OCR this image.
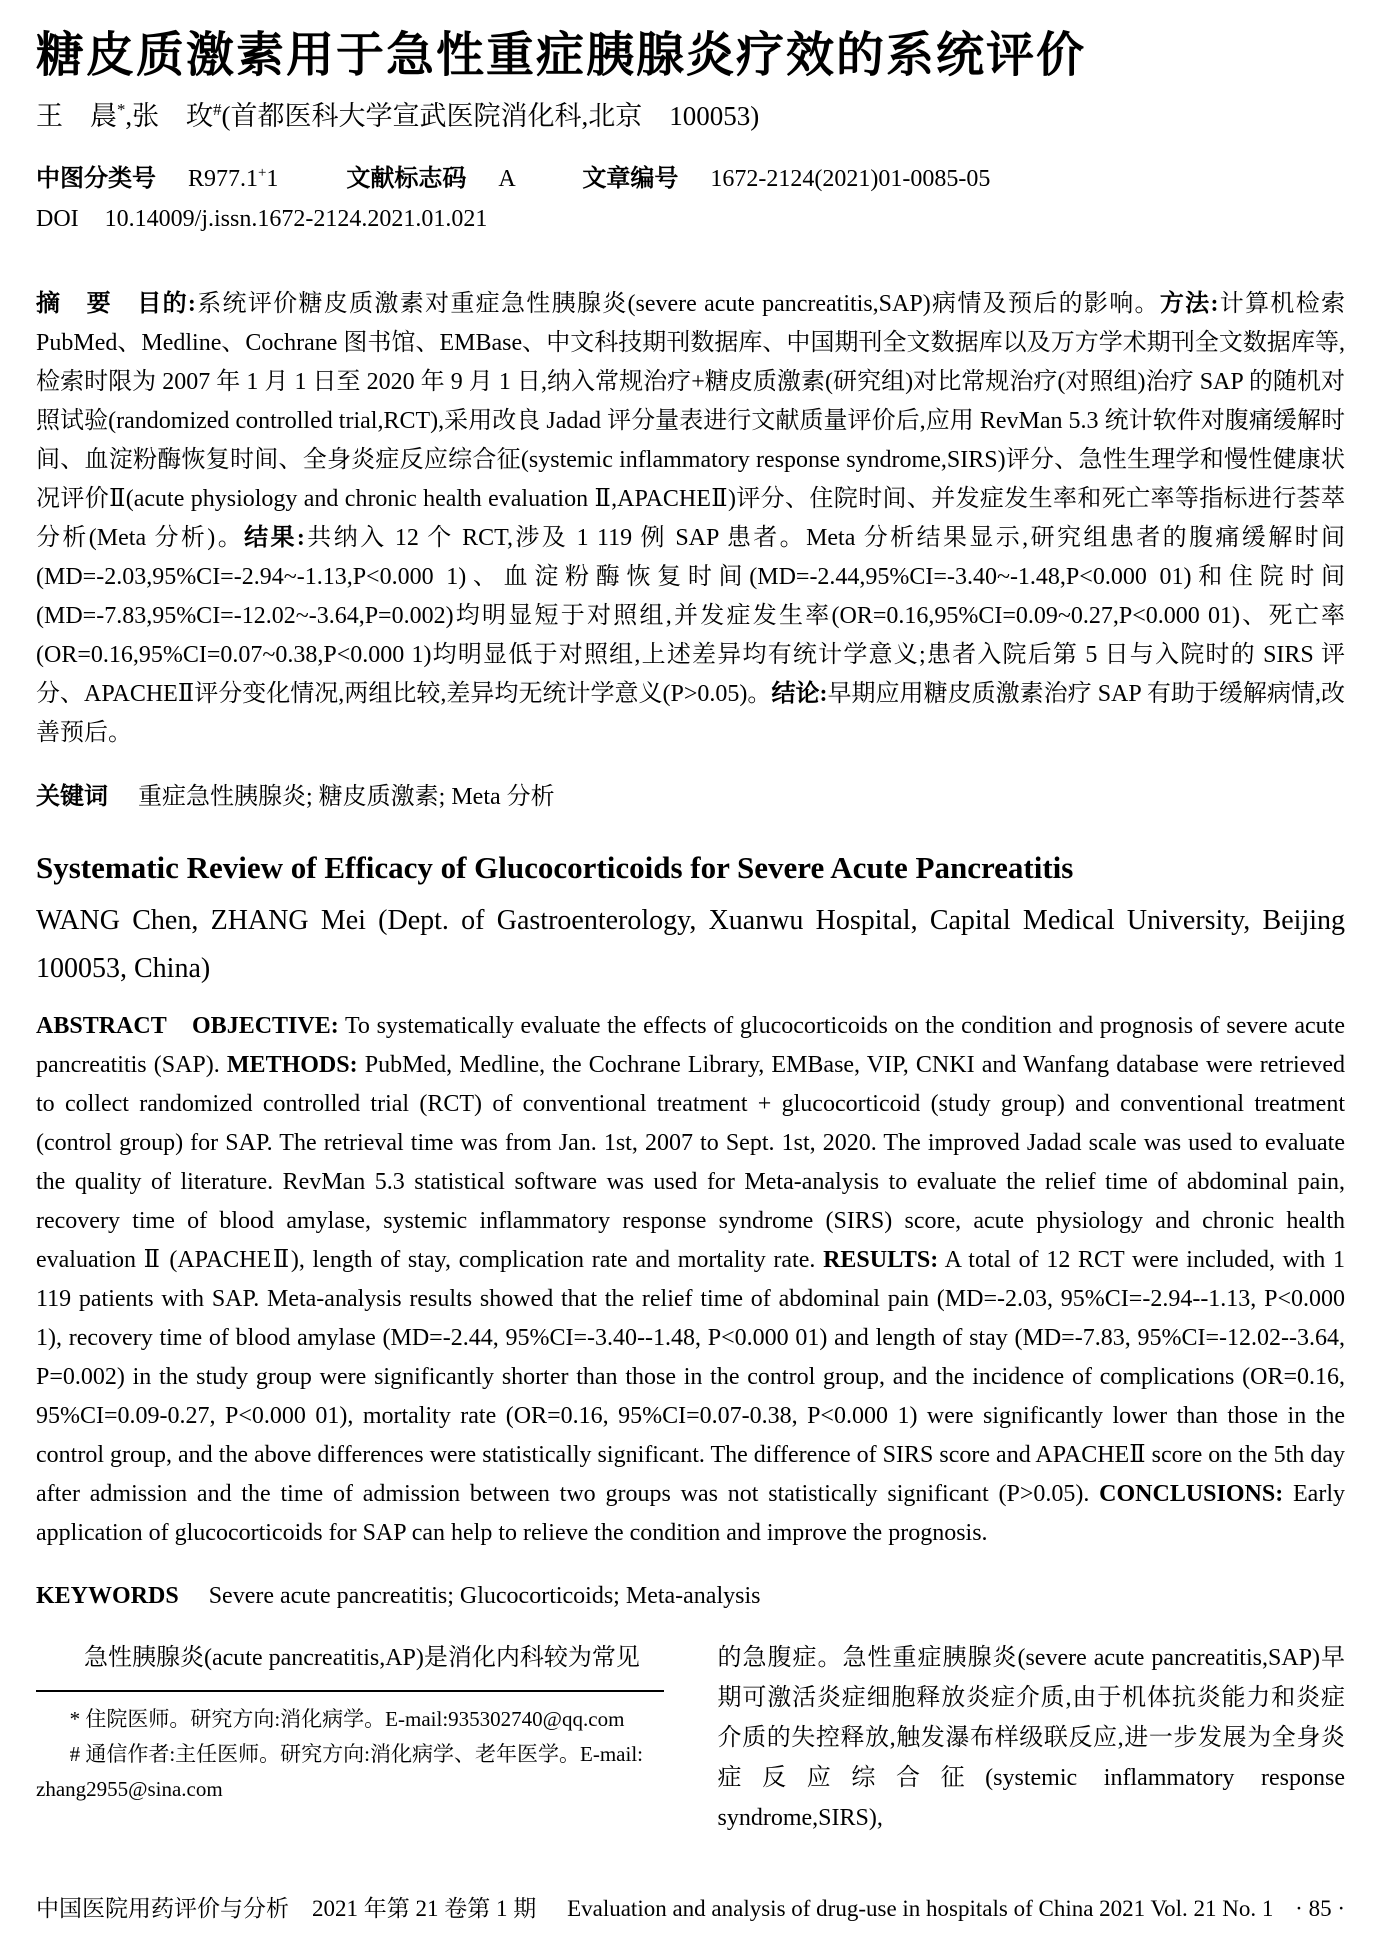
糖皮质激素用于急性重症胰腺炎疗效的系统评价
王　晨*,张　玫#(首都医科大学宣武医院消化科,北京　100053)
中图分类号 R977.1+1	文献标志码 A	文章编号 1672-2124(2021)01-0085-05
DOI 10.14009/j.issn.1672-2124.2021.01.021

摘　要　 目的:系统评价糖皮质激素对重症急性胰腺炎(severe acute pancreatitis,SAP)病情及预后的影响。方法:计算机检索 PubMed、Medline、Cochrane 图书馆、EMBase、中文科技期刊数据库、中国期刊全文数据库以及万方学术期刊全文数据库等,检索时限为 2007 年 1 月 1 日至 2020 年 9 月 1 日,纳入常规治疗+糖皮质激素(研究组)对比常规治疗(对照组)治疗 SAP 的随机对照试验(randomized controlled trial,RCT),采用改良 Jadad 评分量表进行文献质量评价后,应用 RevMan 5.3 统计软件对腹痛缓解时间、血淀粉酶恢复时间、全身炎症反应综合征(systemic inflammatory response syndrome,SIRS)评分、急性生理学和慢性健康状况评价Ⅱ(acute physiology and chronic health evaluation Ⅱ,APACHEⅡ)评分、住院时间、并发症发生率和死亡率等指标进行荟萃分析(Meta 分析)。结果:共纳入 12 个 RCT,涉及 1 119 例 SAP 患者。Meta 分析结果显示,研究组患者的腹痛缓解时间(MD=-2.03,95%CI=-2.94~-1.13,P<0.000 1)、血淀粉酶恢复时间(MD=-2.44,95%CI=-3.40~-1.48,P<0.000 01)和住院时间(MD=-7.83,95%CI=-12.02~-3.64,P=0.002)均明显短于对照组,并发症发生率(OR=0.16,95%CI=0.09~0.27,P<0.000 01)、死亡率(OR=0.16,95%CI=0.07~0.38,P<0.000 1)均明显低于对照组,上述差异均有统计学意义;患者入院后第 5 日与入院时的 SIRS 评分、APACHEⅡ评分变化情况,两组比较,差异均无统计学意义(P>0.05)。结论:早期应用糖皮质激素治疗 SAP 有助于缓解病情,改善预后。

关键词 重症急性胰腺炎; 糖皮质激素; Meta 分析
Systematic Review of Efficacy of Glucocorticoids for Severe Acute Pancreatitis
WANG Chen, ZHANG Mei (Dept. of Gastroenterology, Xuanwu Hospital, Capital Medical University, Beijing 100053, China)

ABSTRACT　 OBJECTIVE: To systematically evaluate the effects of glucocorticoids on the condition and prognosis of severe acute pancreatitis (SAP). METHODS: PubMed, Medline, the Cochrane Library, EMBase, VIP, CNKI and Wanfang database were retrieved to collect randomized controlled trial (RCT) of conventional treatment + glucocorticoid (study group) and conventional treatment (control group) for SAP. The retrieval time was from Jan. 1st, 2007 to Sept. 1st, 2020. The improved Jadad scale was used to evaluate the quality of literature. RevMan 5.3 statistical software was used for Meta-analysis to evaluate the relief time of abdominal pain, recovery time of blood amylase, systemic inflammatory response syndrome (SIRS) score, acute physiology and chronic health evaluation Ⅱ (APACHEⅡ), length of stay, complication rate and mortality rate. RESULTS: A total of 12 RCT were included, with 1 119 patients with SAP. Meta-analysis results showed that the relief time of abdominal pain (MD=-2.03, 95%CI=-2.94--1.13, P<0.000 1), recovery time of blood amylase (MD=-2.44, 95%CI=-3.40--1.48, P<0.000 01) and length of stay (MD=-7.83, 95%CI=-12.02--3.64, P=0.002) in the study group were significantly shorter than those in the control group, and the incidence of complications (OR=0.16, 95%CI=0.09-0.27, P<0.000 01), mortality rate (OR=0.16, 95%CI=0.07-0.38, P<0.000 1) were significantly lower than those in the control group, and the above differences were statistically significant. The difference of SIRS score and APACHEⅡ score on the 5th day after admission and the time of admission between two groups was not statistically significant (P>0.05). CONCLUSIONS: Early application of glucocorticoids for SAP can help to relieve the condition and improve the prognosis.

KEYWORDS Severe acute pancreatitis; Glucocorticoids; Meta-analysis
急性胰腺炎(acute pancreatitis,AP)是消化内科较为常见
* 住院医师。研究方向:消化病学。E-mail:935302740@qq.com
# 通信作者:主任医师。研究方向:消化病学、老年医学。E-mail:
zhang2955@sina.com
的急腹症。急性重症胰腺炎(severe acute pancreatitis,SAP)早期可激活炎症细胞释放炎症介质,由于机体抗炎能力和炎症介质的失控释放,触发瀑布样级联反应,进一步发展为全身炎症反应综合征(systemic inflammatory response syndrome,SIRS),
中国医院用药评价与分析　2021 年第 21 卷第 1 期 Evaluation and analysis of drug-use in hospitals of China 2021 Vol. 21 No. 1 · 85 ·
